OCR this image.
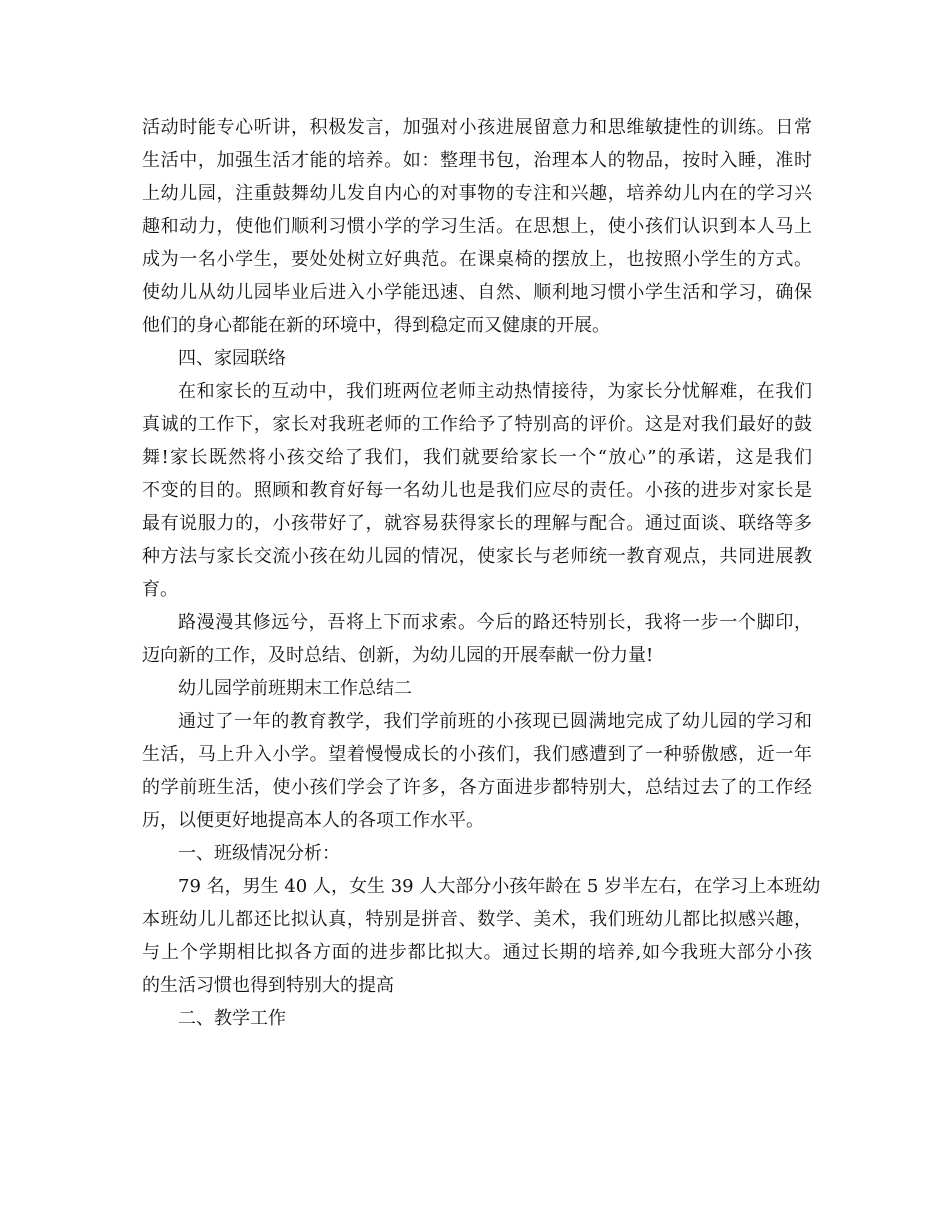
活动时能专心听讲，积极发言，加强对小孩进展留意力和思维敏捷性的训练。日常
生活中，加强生活才能的培养。如：整理书包，治理本人的物品，按时入睡，准时
上幼儿园，注重鼓舞幼儿发自内心的对事物的专注和兴趣，培养幼儿内在的学习兴
趣和动力，使他们顺利习惯小学的学习生活。在思想上，使小孩们认识到本人马上
成为一名小学生，要处处树立好典范。在课桌椅的摆放上，也按照小学生的方式。
使幼儿从幼儿园毕业后进入小学能迅速、自然、顺利地习惯小学生活和学习，确保
他们的身心都能在新的环境中，得到稳定而又健康的开展。
四、家园联络
在和家长的互动中，我们班两位老师主动热情接待，为家长分忧解难，在我们
真诚的工作下，家长对我班老师的工作给予了特别高的评价。这是对我们最好的鼓
舞!家长既然将小孩交给了我们，我们就要给家长一个“放心”的承诺，这是我们
不变的目的。照顾和教育好每一名幼儿也是我们应尽的责任。小孩的进步对家长是
最有说服力的，小孩带好了，就容易获得家长的理解与配合。通过面谈、联络等多
种方法与家长交流小孩在幼儿园的情况，使家长与老师统一教育观点，共同进展教
育。
路漫漫其修远兮，吾将上下而求索。今后的路还特别长，我将一步一个脚印，
迈向新的工作，及时总结、创新，为幼儿园的开展奉献一份力量!
幼儿园学前班期末工作总结二
通过了一年的教育教学，我们学前班的小孩现已圆满地完成了幼儿园的学习和
生活，马上升入小学。望着慢慢成长的小孩们，我们感遭到了一种骄傲感，近一年
的学前班生活，使小孩们学会了许多，各方面进步都特别大，总结过去了的工作经
历，以便更好地提高本人的各项工作水平。
一、班级情况分析：
79 名，男生 40 人，女生 39 人大部分小孩年龄在 5 岁半左右，在学习上本班幼
本班幼儿儿都还比拟认真，特别是拼音、数学、美术，我们班幼儿都比拟感兴趣，
与上个学期相比拟各方面的进步都比拟大。通过长期的培养,如今我班大部分小孩
的生活习惯也得到特别大的提高
二、教学工作
